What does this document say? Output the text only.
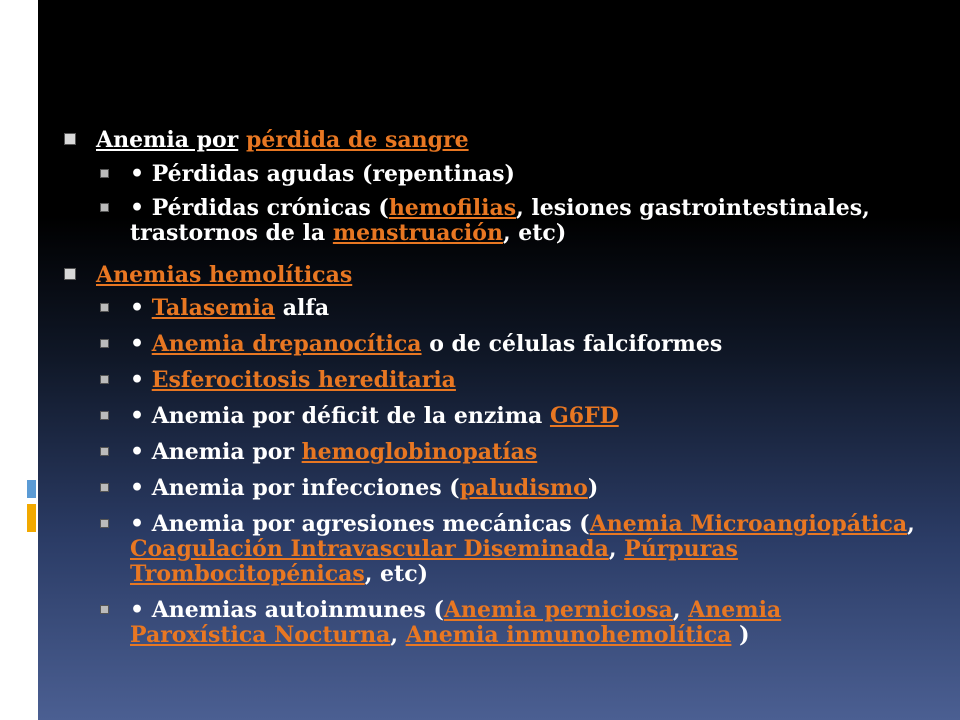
Anemia por pérdida de sangre
• Pérdidas agudas (repentinas)
• Pérdidas crónicas (hemofilias, lesiones gastrointestinales, trastornos de la menstruación, etc)
Anemias hemolíticas
• Talasemia alfa
• Anemia drepanocítica o de células falciformes
• Esferocitosis hereditaria
• Anemia por déficit de la enzima G6FD
• Anemia por hemoglobinopatías
• Anemia por infecciones (paludismo)
• Anemia por agresiones mecánicas (Anemia Microangiopática, Coagulación Intravascular Diseminada, Púrpuras Trombocitopénicas, etc)
• Anemias autoinmunes (Anemia perniciosa, Anemia Paroxística Nocturna, Anemia inmunohemolítica )
